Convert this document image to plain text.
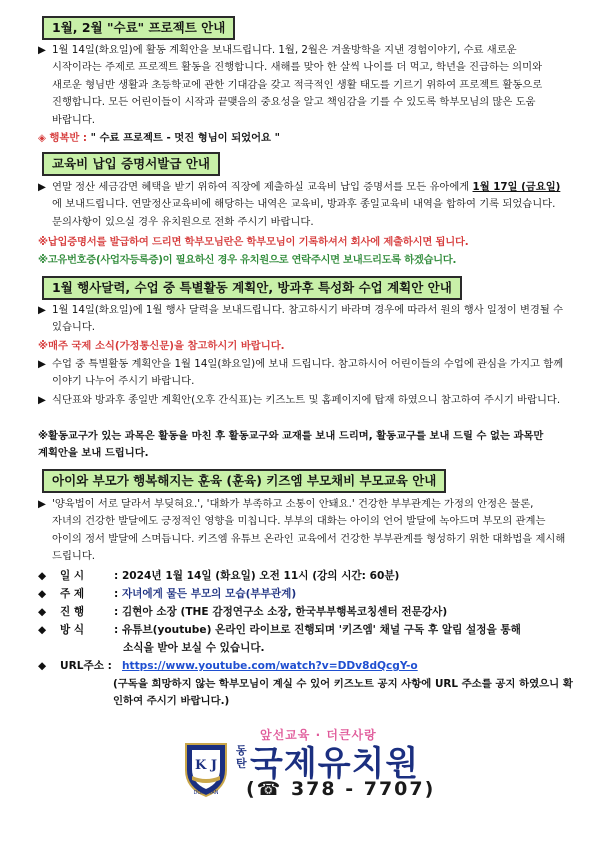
1월, 2월 "수료" 프로젝트 안내
▶ 1월 14일(화요일)에 활동 계획안을 보내드립니다. 1월, 2월은 겨울방학을 지낸 경험이야기, 수료 새로운 시작이라는 주제로 프로젝트 활동을 진행합니다. 새해를 맞아 한 살씩 나이를 더 먹고, 학년을 진급하는 의미와 새로운 형님반 생활과 초등학교에 관한 기대감을 갖고 적극적인 생활 태도를 기르기 위하여 프로젝트 활동으로 진행합니다. 모든 어린이들이 시작과 끝맺음의 중요성을 알고 책임감을 기를 수 있도록 학부모님의 많은 도움 바랍니다.
◈ 행복반 : " 수료 프로젝트 - 멋진 형님이 되었어요 "
교육비 납입 증명서발급 안내
▶ 연말 정산 세금감면 혜택을 받기 위하여 직장에 제출하실 교육비 납입 증명서를 모든 유아에게 1월 17일 (금요일)에 보내드립니다. 연말정산교육비에 해당하는 내역은 교육비, 방과후 종일교육비 내역을 합하여 기록 되었습니다. 문의사항이 있으실 경우 유치원으로 전화 주시기 바랍니다.
※납입증명서를 발급하여 드리면 학부모님란은 학부모님이 기록하셔서 회사에 제출하시면 됩니다.
※고유번호증(사업자등록증)이 필요하신 경우 유치원으로 연락주시면 보내드리도록 하겠습니다.
1월 행사달력, 수업 중 특별활동 계획안, 방과후 특성화 수업 계획안 안내
▶ 1월 14일(화요일)에 1월 행사 달력을 보내드립니다. 참고하시기 바라며 경우에 따라서 원의 행사 일정이 변경될 수 있습니다.
※매주 국제 소식(가정통신문)을 참고하시기 바랍니다.
▶ 수업 중 특별활동 계획안을 1월 14일(화요일)에 보내 드립니다. 참고하시어 어린이들의 수업에 관심을 가지고 함께 이야기 나누어 주시기 바랍니다.
▶ 식단표와 방과후 종일반 계획안(오후 간식표)는 키즈노트 및 홈페이지에 탑재 하였으니 참고하여 주시기 바랍니다.
※활동교구가 있는 과목은 활동을 마친 후 활동교구와 교재를 보내 드리며, 활동교구를 보내 드릴 수 없는 과목만 계획안을 보내 드립니다.
아이와 부모가 행복해지는 훈육 (훈육) 키즈엠 부모채비 부모교육 안내
▶ '양육법이 서로 달라서 부딪혀요.', '대화가 부족하고 소통이 안돼요.' 건강한 부부관계는 가정의 안정은 물론, 자녀의 건강한 발달에도 긍정적인 영향을 미칩니다. 부부의 대화는 아이의 언어 발달에 녹아드며 부모의 관계는 아이의 정서 발달에 스며듭니다. 키즈엠 유튜브 온라인 교육에서 건강한 부부관계를 형성하기 위한 대화법을 제시해 드립니다.
◆ 일 시	: 2024년 1월 14일 (화요일) 오전 11시 (강의 시간: 60분)
◆ 주 제	: 자녀에게 물든 부모의 모습(부부관계)
◆ 진 행	: 김현아 소장 (THE 감정연구소 소장, 한국부부행복코칭센터 전문강사)
◆ 방 식	: 유튜브(youtube) 온라인 라이브로 진행되며 '키즈엠' 채널 구독 후 알림 설정을 통해
소식을 받아 보실 수 있습니다.
◆ URL주소 : https://www.youtube.com/watch?v=DDv8dQcgY-o
(구독을 희망하지 않는 학부모님이 계실 수 있어 키즈노트 공지 사항에 URL 주소를 공지 하였으니 확인하여 주시기 바랍니다.)
앞선교육 · 더큰사랑
K J
DONGTAN
동
탄 국제유치원
(☎ 378 - 7707)
